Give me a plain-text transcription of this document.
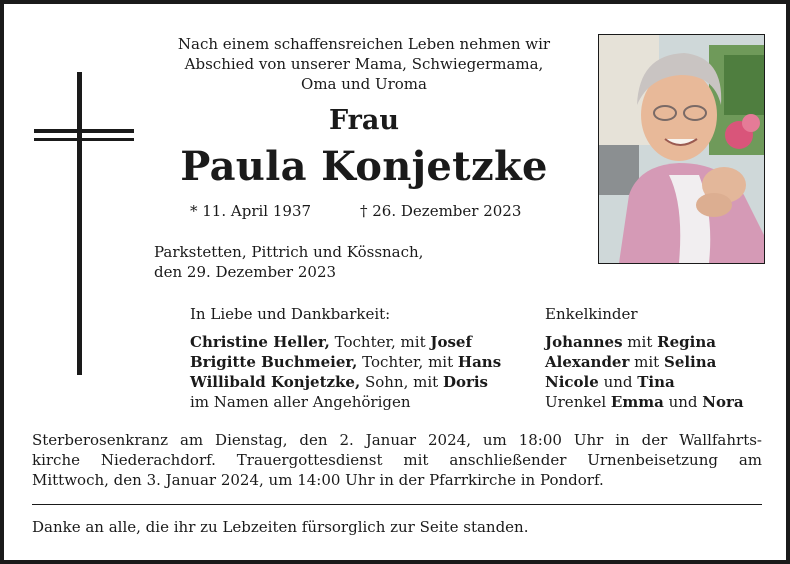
Nach einem schaffensreichen Leben nehmen wir
Abschied von unserer Mama, Schwiegermama,
Oma und Uroma
Frau
Paula Konjetzke
* 11. April 1937	† 26. Dezember 2023
Parkstetten, Pittrich und Kössnach,
den 29. Dezember 2023
In Liebe und Dankbarkeit:
Christine Heller, Tochter, mit Josef
Brigitte Buchmeier, Tochter, mit Hans
Willibald Konjetzke, Sohn, mit Doris
im Namen aller Angehörigen
Enkelkinder
Johannes mit Regina
Alexander mit Selina
Nicole und Tina
Urenkel Emma und Nora
Sterberosenkranz am Dienstag, den 2. Januar 2024, um 18:00 Uhr in der Wallfahrts-
kirche Niederachdorf. Trauergottesdienst mit anschließender Urnenbeisetzung am
Mittwoch, den 3. Januar 2024, um 14:00 Uhr in der Pfarrkirche in Pondorf.
Danke an alle, die ihr zu Lebzeiten fürsorglich zur Seite standen.
